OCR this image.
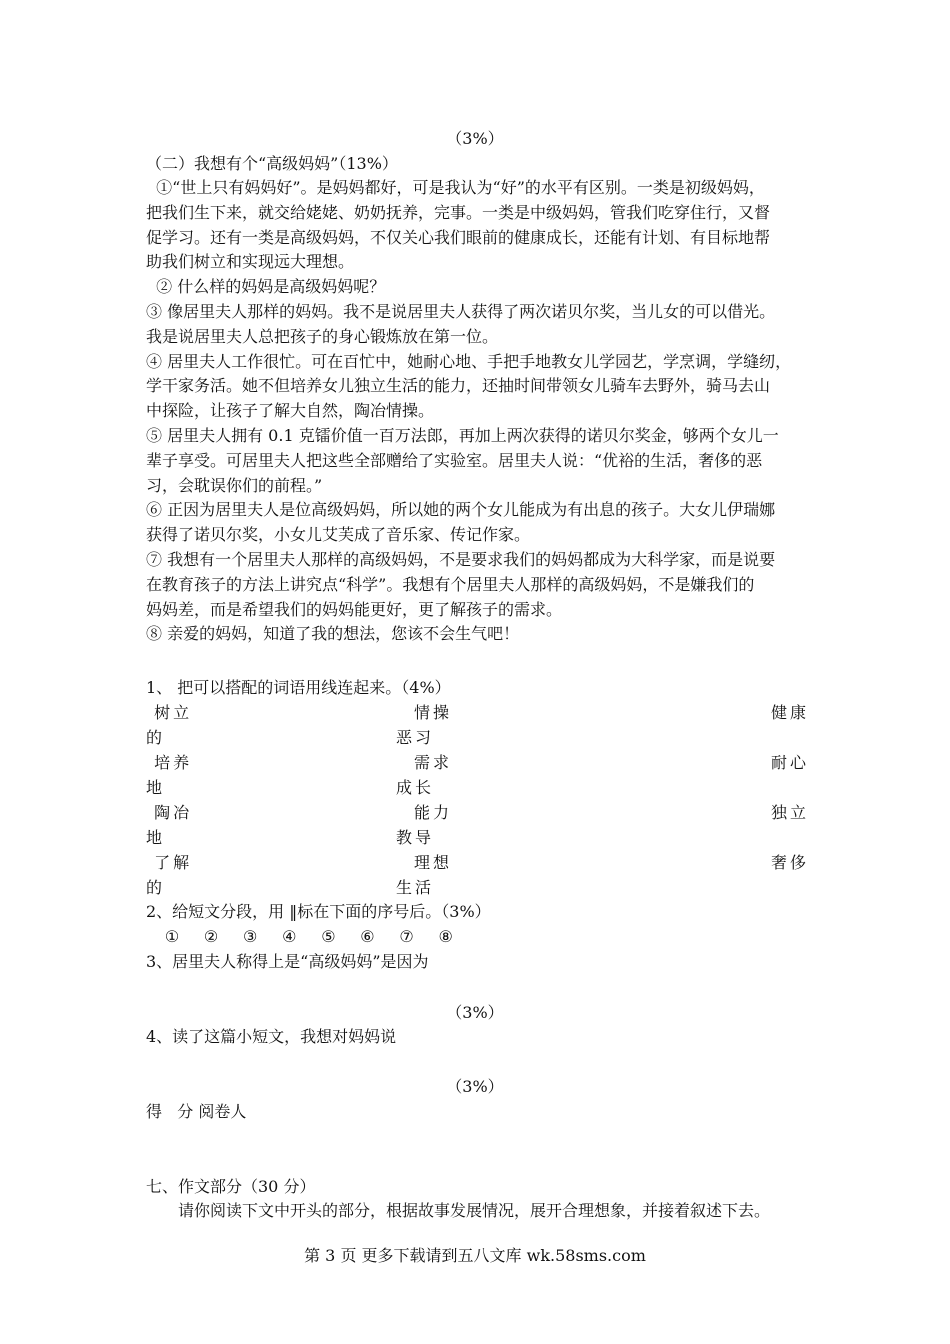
（3%）
（二）我想有个“高级妈妈”（13%）
①“世上只有妈妈好”。是妈妈都好，可是我认为“好”的水平有区别。一类是初级妈妈，
把我们生下来，就交给姥姥、奶奶抚养，完事。一类是中级妈妈，管我们吃穿住行，又督
促学习。还有一类是高级妈妈，不仅关心我们眼前的健康成长，还能有计划、有目标地帮
助我们树立和实现远大理想。
② 什么样的妈妈是高级妈妈呢？
③ 像居里夫人那样的妈妈。我不是说居里夫人获得了两次诺贝尔奖，当儿女的可以借光。
我是说居里夫人总把孩子的身心锻炼放在第一位。
④ 居里夫人工作很忙。可在百忙中，她耐心地、手把手地教女儿学园艺，学烹调，学缝纫，
学干家务活。她不但培养女儿独立生活的能力，还抽时间带领女儿骑车去野外，骑马去山
中探险，让孩子了解大自然，陶冶情操。
⑤ 居里夫人拥有 0.1 克镭价值一百万法郎，再加上两次获得的诺贝尔奖金，够两个女儿一
辈子享受。可居里夫人把这些全部赠给了实验室。居里夫人说：“优裕的生活，奢侈的恶
习，会耽误你们的前程。”
⑥ 正因为居里夫人是位高级妈妈，所以她的两个女儿能成为有出息的孩子。大女儿伊瑞娜
获得了诺贝尔奖，小女儿艾芙成了音乐家、传记作家。
⑦ 我想有一个居里夫人那样的高级妈妈，不是要求我们的妈妈都成为大科学家，而是说要
在教育孩子的方法上讲究点“科学”。我想有个居里夫人那样的高级妈妈，不是嫌我们的
妈妈差，而是希望我们的妈妈能更好，更了解孩子的需求。
⑧ 亲爱的妈妈，知道了我的想法，您该不会生气吧！
1、 把可以搭配的词语用线连起来。（4%）
树立	情操	健康
的	恶习
培养	需求	耐心
地	成长
陶冶	能力	独立
地	教导
了解	理想	奢侈
的	生活
2、给短文分段，用 ‖标在下面的序号后。（3%）
① ② ③ ④ ⑤ ⑥ ⑦ ⑧
3、居里夫人称得上是“高级妈妈”是因为
（3%）
4、读了这篇小短文，我想对妈妈说
（3%）
得   分 阅卷人
七、作文部分（30 分）
请你阅读下文中开头的部分，根据故事发展情况，展开合理想象，并接着叙述下去。
第 3 页 更多下载请到五八文库 wk.58sms.com
